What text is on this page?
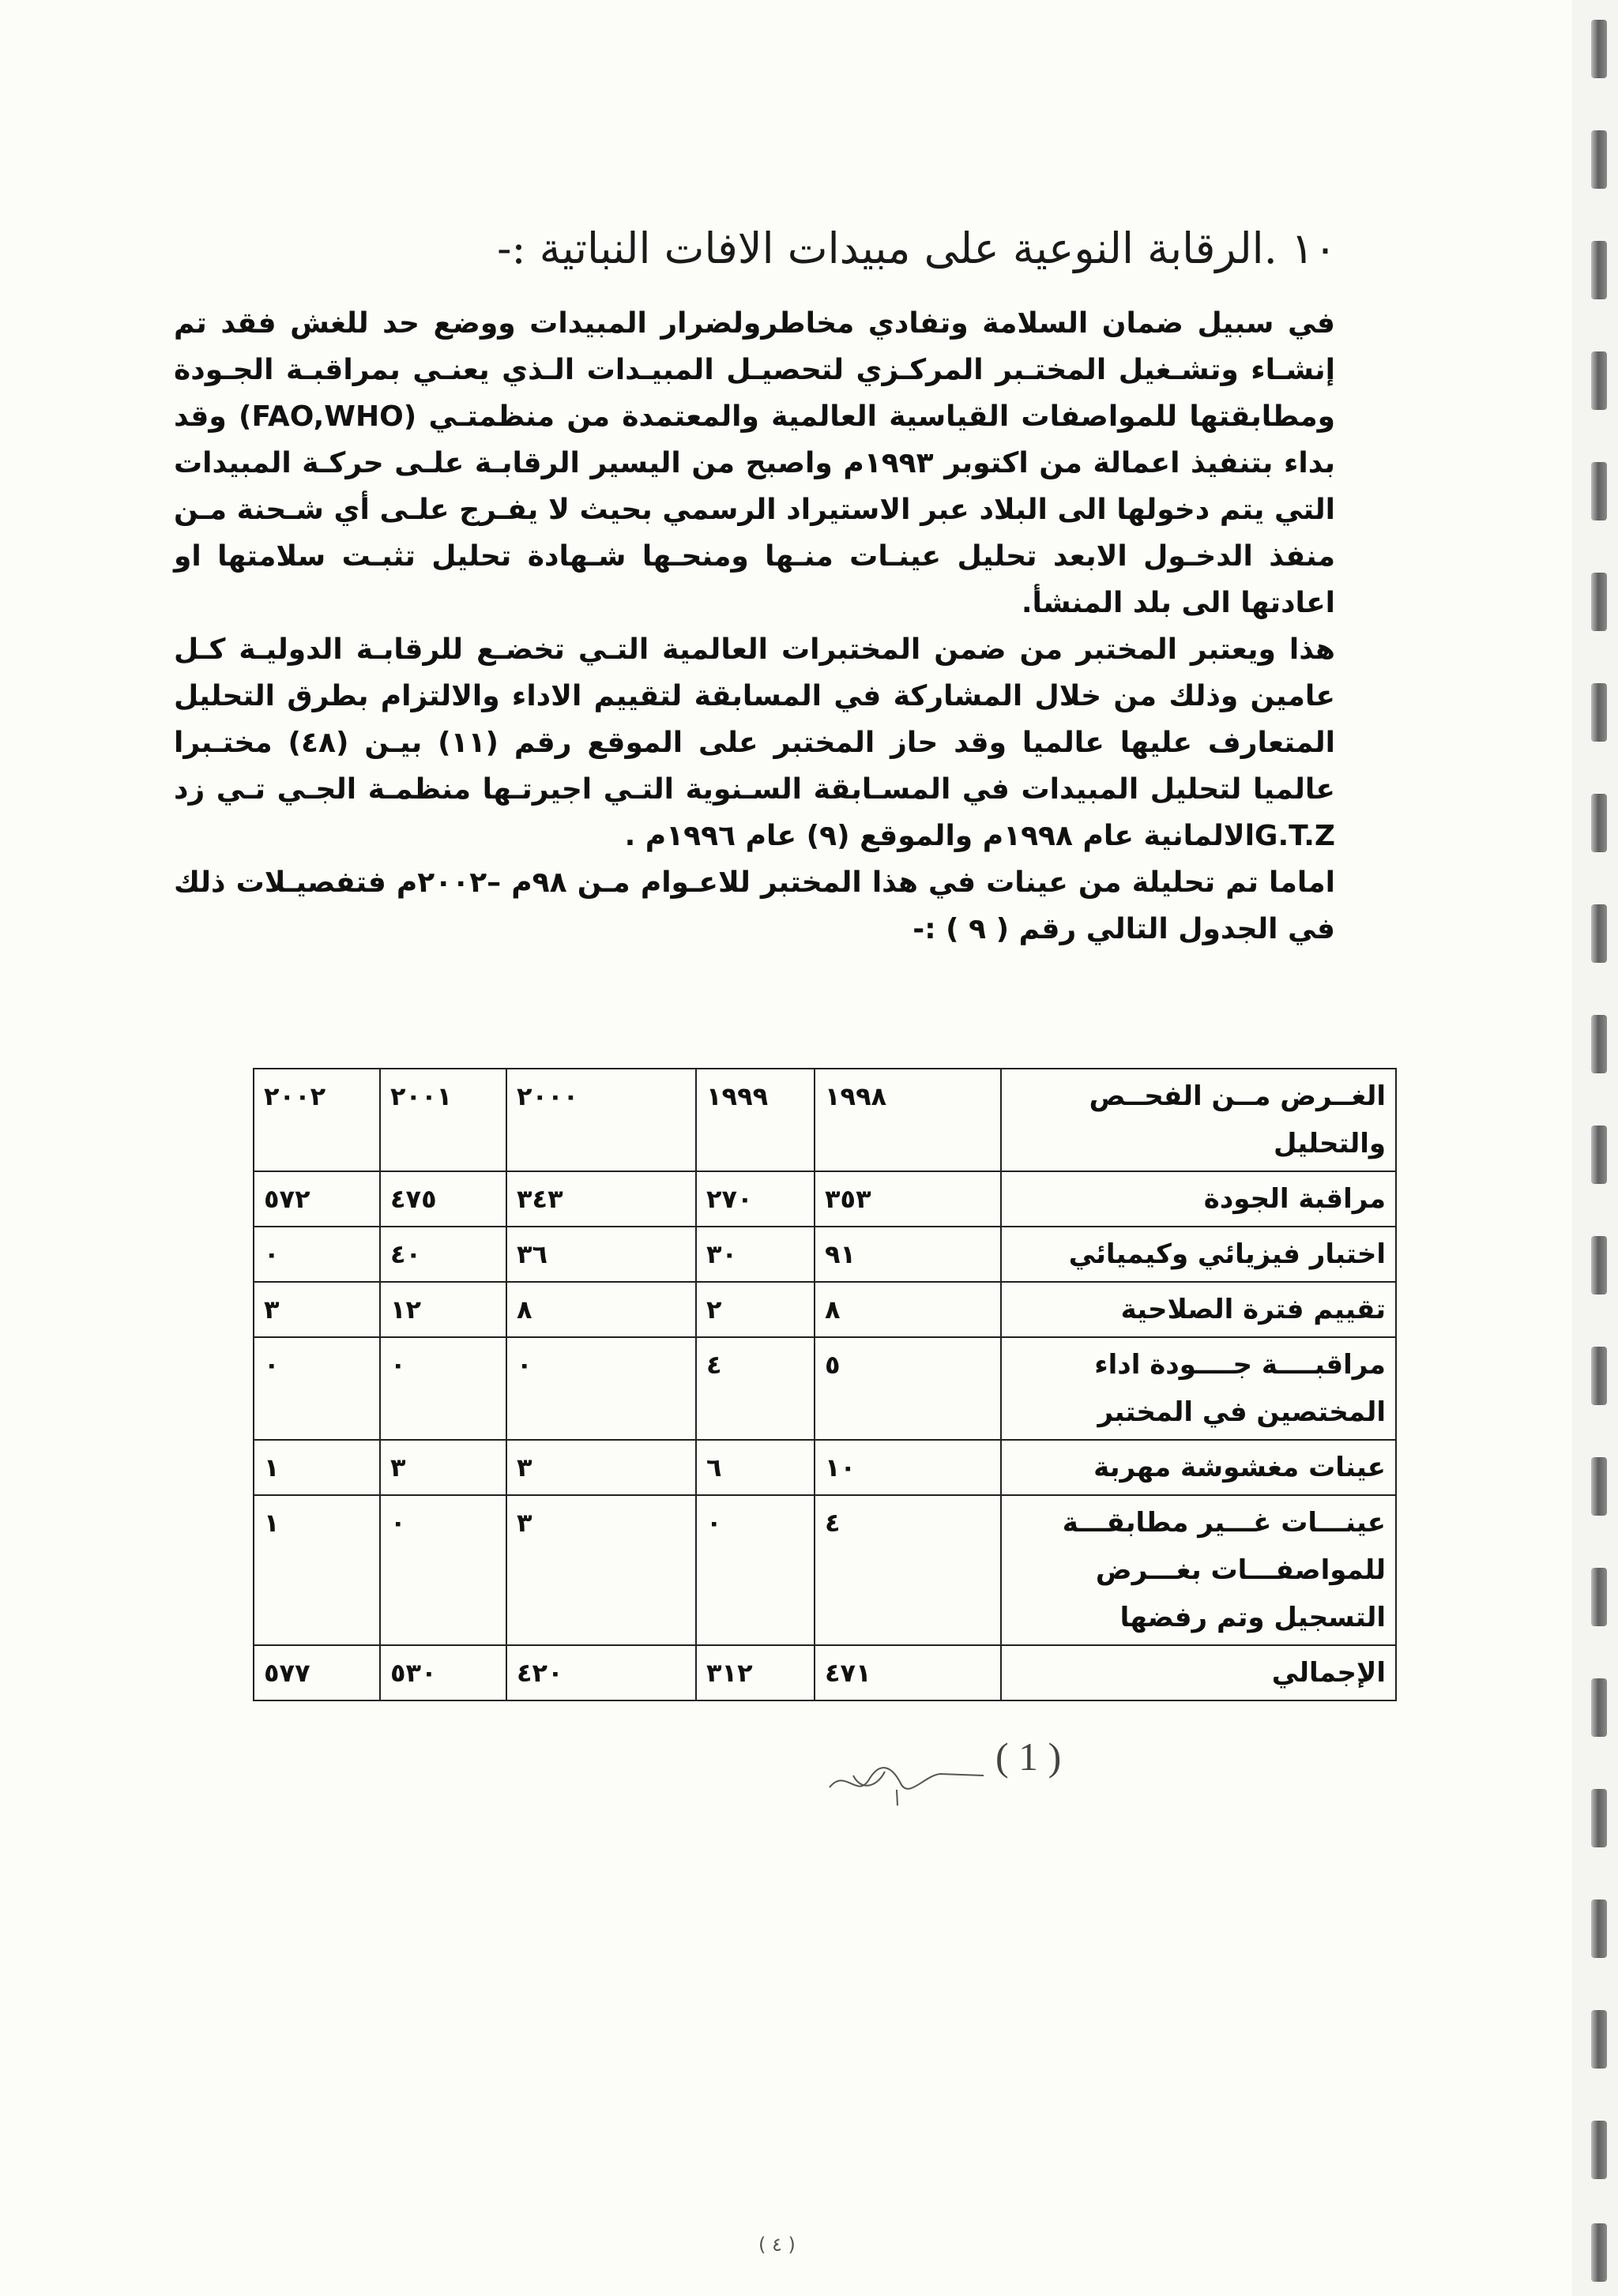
١٠ .الرقابة النوعية على مبيدات الافات النباتية :-

في سبيل ضمان السلامة وتفادي مخاطرولضرار المبيدات ووضع حد للغش فقد تم إنشـاء وتشـغيل المختـبر المركـزي لتحصيـل المبيـدات الـذي يعنـي بمراقبـة الجـودة ومطابقتها للمواصفات القياسية العالمية والمعتمدة من منظمتـي (FAO,WHO) وقد بداء بتنفيذ اعمالة من اكتوبر ١٩٩٣م واصبح من اليسير الرقابـة علـى حركـة المبيدات التي يتم دخولها الى البلاد عبر الاستيراد الرسمي بحيث لا يفـرج علـى أي شـحنة مـن منفذ الدخـول الابعد تحليل عينـات منـها ومنحـها شـهادة تحليل تثبـت سلامتها او اعادتها الى بلد المنشأ.

هذا ويعتبر المختبر من ضمن المختبرات العالمية التـي تخضـع للرقابـة الدوليـة كـل عامين وذلك من خلال المشاركة في المسابقة لتقييم الاداء والالتزام بطرق التحليل المتعارف عليها عالميا وقد حاز المختبر على الموقع رقم (١١) بيـن (٤٨) مختـبرا عالميا لتحليل المبيدات في المسـابقة السـنوية التـي اجيرتـها منظمـة الجـي تـي زد G.T.Zالالمانية عام ١٩٩٨م والموقع (٩) عام ١٩٩٦م .

اماما تم تحليلة من عينات في هذا المختبر للاعـوام مـن ٩٨م –٢٠٠٢م فتفصيـلات ذلك في الجدول التالي رقم ( ٩ ) :-

الغــرض مــن الفحــص والتحليل	١٩٩٨	١٩٩٩	٢٠٠٠	٢٠٠١	٢٠٠٢
مراقبة الجودة	٣٥٣	٢٧٠	٣٤٣	٤٧٥	٥٧٢
اختبار فيزيائي وكيميائي	٩١	٣٠	٣٦	٤٠	٠
تقييم فترة الصلاحية	٨	٢	٨	١٢	٣
مراقبــــة جــــودة اداء المختصين في المختبر	٥	٤	٠	٠	٠
عينات مغشوشة مهربة	١٠	٦	٣	٣	١
عينـــات غـــير مطابقـــة للمواصفـــات بغـــرض التسجيل وتم رفضها	٤	٠	٣	٠	١
الإجمالي	٤٧١	٣١٢	٤٢٠	٥٣٠	٥٧٧
( 1 )
( ٤ )
